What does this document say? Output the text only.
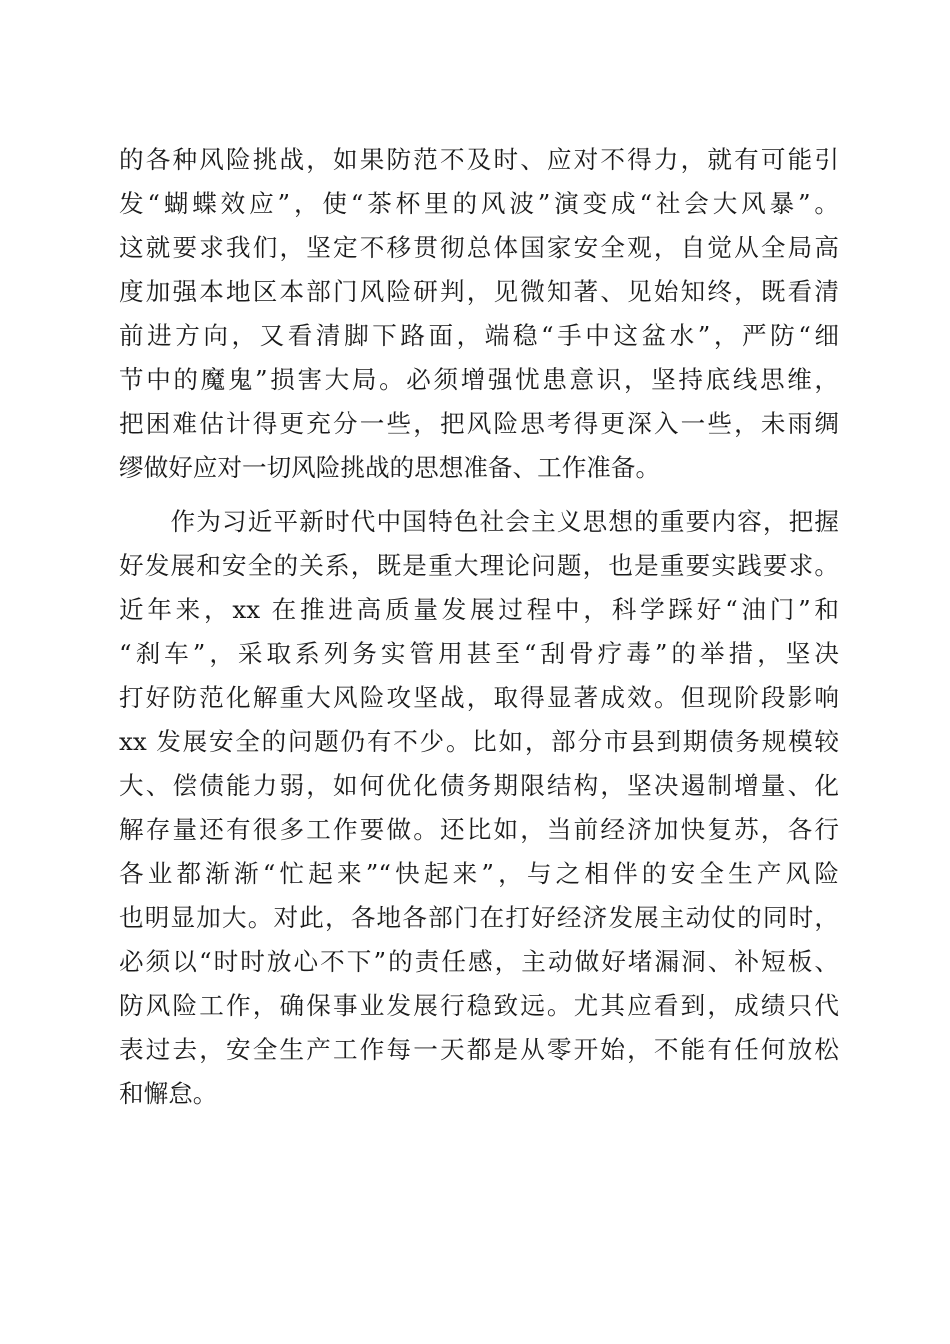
的各种风险挑战，如果防范不及时、应对不得力，就有可能引
发“蝴蝶效应”，使“茶杯里的风波”演变成“社会大风暴”。
这就要求我们，坚定不移贯彻总体国家安全观，自觉从全局高
度加强本地区本部门风险研判，见微知著、见始知终，既看清
前进方向，又看清脚下路面，端稳“手中这盆水”，严防“细
节中的魔鬼”损害大局。必须增强忧患意识，坚持底线思维，
把困难估计得更充分一些，把风险思考得更深入一些，未雨绸
缪做好应对一切风险挑战的思想准备、工作准备。
　　作为习近平新时代中国特色社会主义思想的重要内容，把握
好发展和安全的关系，既是重大理论问题，也是重要实践要求。
近年来，xx 在推进高质量发展过程中，科学踩好“油门”和
“刹车”，采取系列务实管用甚至“刮骨疗毒”的举措，坚决
打好防范化解重大风险攻坚战，取得显著成效。但现阶段影响
xx 发展安全的问题仍有不少。比如，部分市县到期债务规模较
大、偿债能力弱，如何优化债务期限结构，坚决遏制增量、化
解存量还有很多工作要做。还比如，当前经济加快复苏，各行
各业都渐渐“忙起来”“快起来”，与之相伴的安全生产风险
也明显加大。对此，各地各部门在打好经济发展主动仗的同时，
必须以“时时放心不下”的责任感，主动做好堵漏洞、补短板、
防风险工作，确保事业发展行稳致远。尤其应看到，成绩只代
表过去，安全生产工作每一天都是从零开始，不能有任何放松
和懈怠。
